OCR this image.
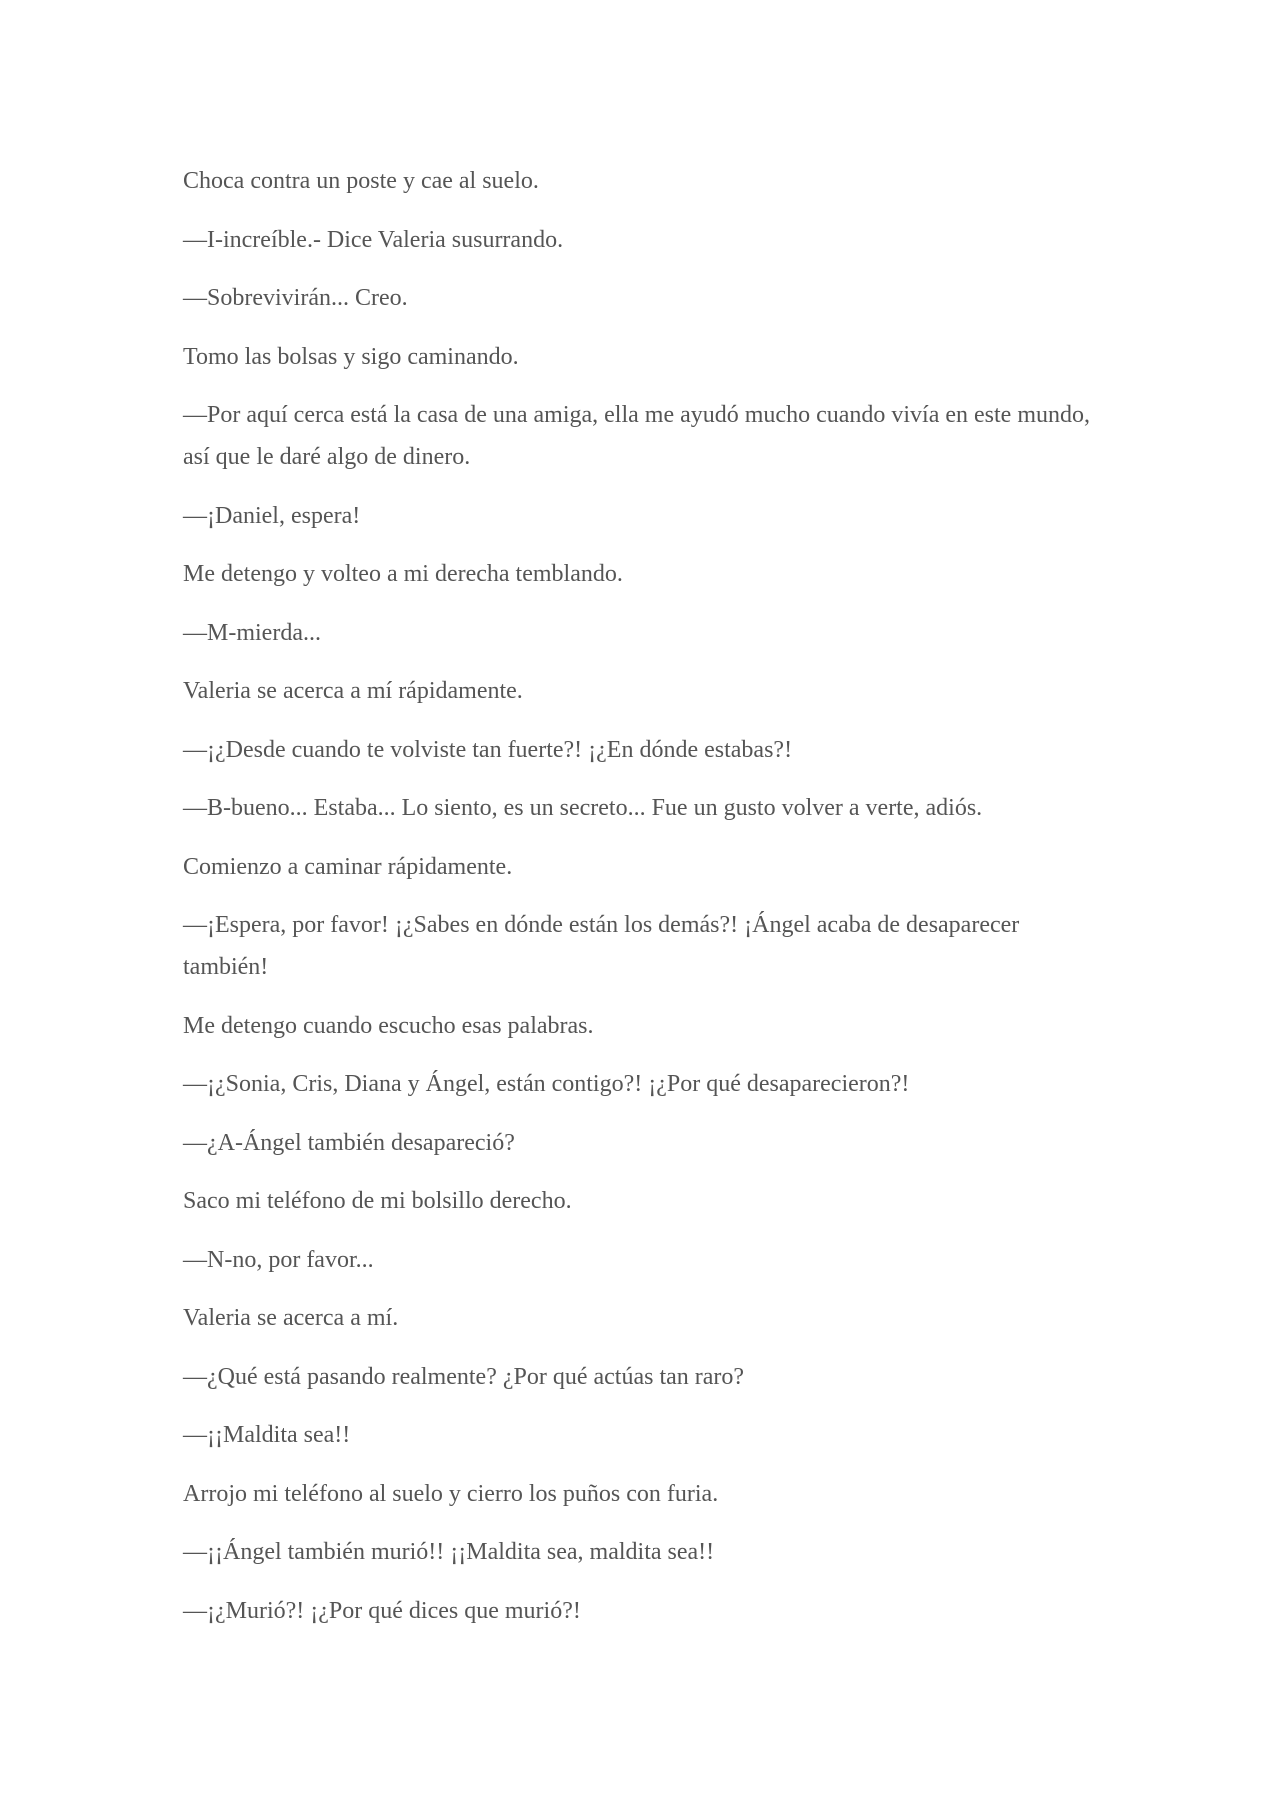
Choca contra un poste y cae al suelo.

—I-increíble.- Dice Valeria susurrando.

—Sobrevivirán... Creo.

Tomo las bolsas y sigo caminando.

—Por aquí cerca está la casa de una amiga, ella me ayudó mucho cuando vivía en este mundo, así que le daré algo de dinero.

—¡Daniel, espera!

Me detengo y volteo a mi derecha temblando.

—M-mierda...

Valeria se acerca a mí rápidamente.

—¡¿Desde cuando te volviste tan fuerte?! ¡¿En dónde estabas?!

—B-bueno... Estaba... Lo siento, es un secreto... Fue un gusto volver a verte, adiós.

Comienzo a caminar rápidamente.

—¡Espera, por favor! ¡¿Sabes en dónde están los demás?! ¡Ángel acaba de desaparecer también!

Me detengo cuando escucho esas palabras.

—¡¿Sonia, Cris, Diana y Ángel, están contigo?! ¡¿Por qué desaparecieron?!

—¿A-Ángel también desapareció?

Saco mi teléfono de mi bolsillo derecho.

—N-no, por favor...

Valeria se acerca a mí.

—¿Qué está pasando realmente? ¿Por qué actúas tan raro?

—¡¡Maldita sea!!

Arrojo mi teléfono al suelo y cierro los puños con furia.

—¡¡Ángel también murió!! ¡¡Maldita sea, maldita sea!!

—¡¿Murió?! ¡¿Por qué dices que murió?!
